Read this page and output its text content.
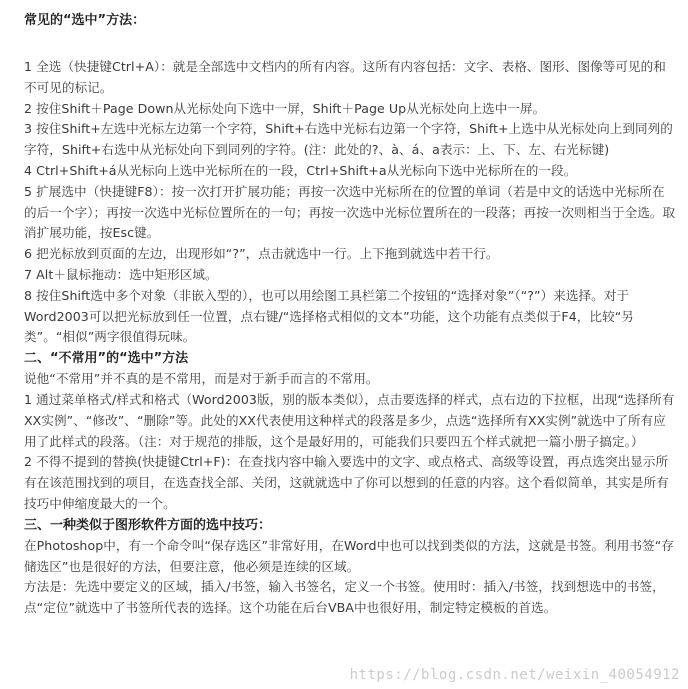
常见的“选中”方法：

1 全选（快捷键Ctrl+A）：就是全部选中文档内的所有内容。这所有内容包括：文字、表格、图形、图像等可见的和不可见的标记。

2 按住Shift＋Page Down从光标处向下选中一屏，Shift＋Page Up从光标处向上选中一屏。

3 按住Shift+左选中光标左边第一个字符，Shift+右选中光标右边第一个字符，Shift+上选中从光标处向上到同列的字符，Shift+右选中从光标处向下到同列的字符。(注：此处的?、à、á、a表示：上、下、左、右光标键)

4 Ctrl+Shift+á从光标向上选中光标所在的一段，Ctrl+Shift+a从光标向下选中光标所在的一段。

5 扩展选中（快捷键F8）：按一次打开扩展功能；再按一次选中光标所在的位置的单词（若是中文的话选中光标所在的后一个字）；再按一次选中光标位置所在的一句；再按一次选中光标位置所在的一段落；再按一次则相当于全选。取消扩展功能，按Esc键。

6 把光标放到页面的左边，出现形如“?”，点击就选中一行。上下拖到就选中若干行。

7 Alt＋鼠标拖动：选中矩形区域。

8 按住Shift选中多个对象（非嵌入型的），也可以用绘图工具栏第二个按钮的“选择对象”（“?”）来选择。对于Word2003可以把光标放到任一位置，点右键/“选择格式相似的文本”功能，这个功能有点类似于F4，比较“另类”。“相似”两字很值得玩味。

二、“不常用”的“选中”方法

说他“不常用”并不真的是不常用，而是对于新手而言的不常用。

1 通过菜单格式/样式和格式（Word2003版，别的版本类似），点击要选择的样式，点右边的下拉框，出现“选择所有XX实例”、“修改”、“删除”等。此处的XX代表使用这种样式的段落是多少，点选“选择所有XX实例”就选中了所有应用了此样式的段落。（注：对于规范的排版，这个是最好用的，可能我们只要四五个样式就把一篇小册子搞定。）

2 不得不提到的替换(快捷键Ctrl+F)：在查找内容中输入要选中的文字、或点格式、高级等设置，再点选突出显示所有在该范围找到的项目，在选查找全部、关闭，这就就选中了你可以想到的任意的内容。这个看似简单，其实是所有技巧中伸缩度最大的一个。

三、一种类似于图形软件方面的选中技巧：

在Photoshop中，有一个命令叫“保存选区”非常好用，在Word中也可以找到类似的方法，这就是书签。利用书签“存储选区”也是很好的方法，但要注意，他必须是连续的区域。

方法是：先选中要定义的区域，插入/书签，输入书签名，定义一个书签。使用时：插入/书签，找到想选中的书签，点“定位”就选中了书签所代表的选择。这个功能在后台VBA中也很好用，制定特定模板的首选。

https://blog.csdn.net/weixin_40054912
